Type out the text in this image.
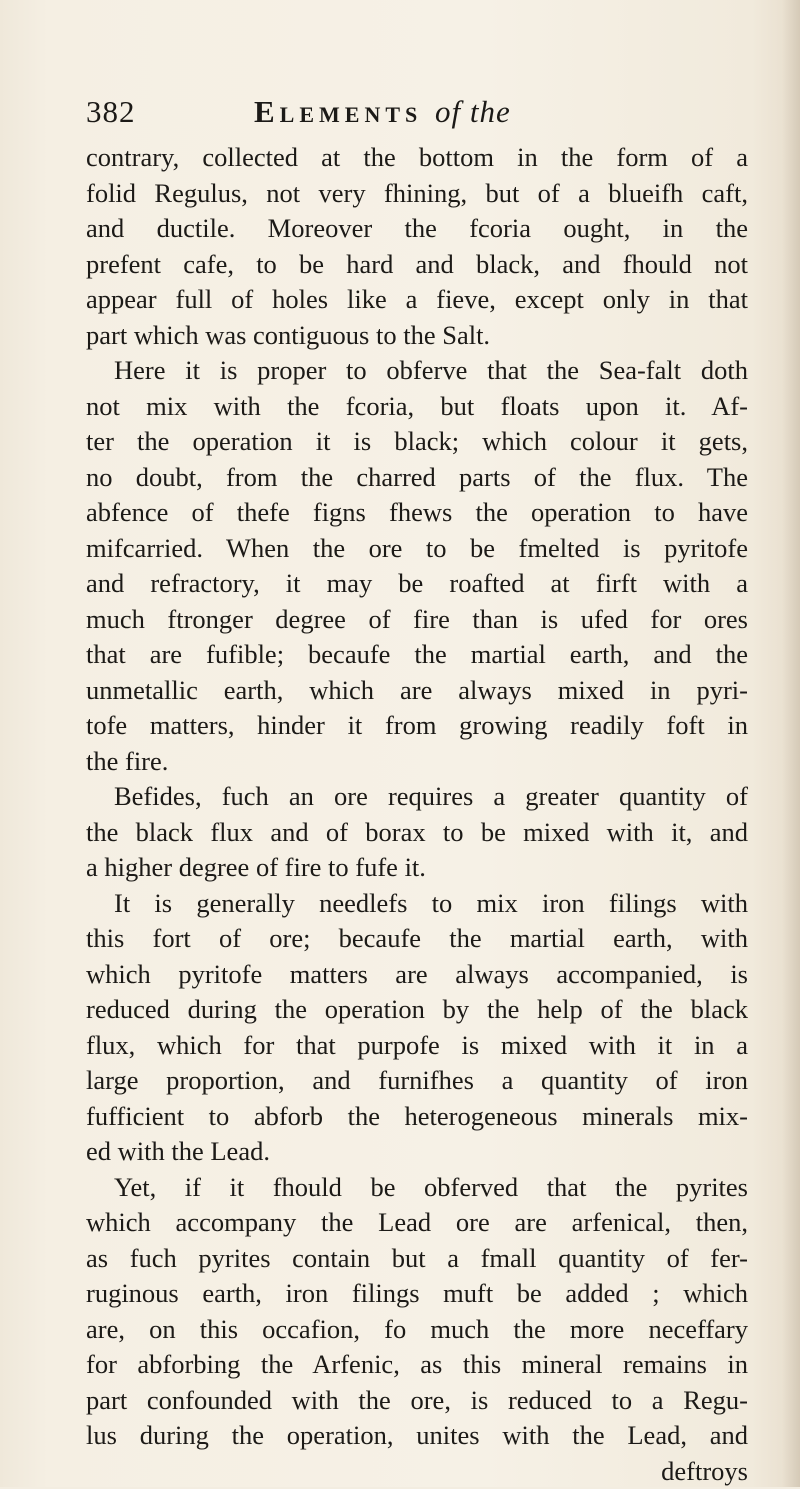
382	Elements of the
contrary, collected at the bottom in the form of a
folid Regulus, not very fhining, but of a blueifh caft,
and ductile. Moreover the fcoria ought, in the
prefent cafe, to be hard and black, and fhould not
appear full of holes like a fieve, except only in that
part which was contiguous to the Salt.
Here it is proper to obferve that the Sea-falt doth
not mix with the fcoria, but floats upon it. Af-
ter the operation it is black; which colour it gets,
no doubt, from the charred parts of the flux. The
abfence of thefe figns fhews the operation to have
mifcarried. When the ore to be fmelted is pyritofe
and refractory, it may be roafted at firft with a
much ftronger degree of fire than is ufed for ores
that are fufible; becaufe the martial earth, and the
unmetallic earth, which are always mixed in pyri-
tofe matters, hinder it from growing readily foft in
the fire.
Befides, fuch an ore requires a greater quantity of
the black flux and of borax to be mixed with it, and
a higher degree of fire to fufe it.
It is generally needlefs to mix iron filings with
this fort of ore; becaufe the martial earth, with
which pyritofe matters are always accompanied, is
reduced during the operation by the help of the black
flux, which for that purpofe is mixed with it in a
large proportion, and furnifhes a quantity of iron
fufficient to abforb the heterogeneous minerals mix-
ed with the Lead.
Yet, if it fhould be obferved that the pyrites
which accompany the Lead ore are arfenical, then,
as fuch pyrites contain but a fmall quantity of fer-
ruginous earth, iron filings muft be added ; which
are, on this occafion, fo much the more neceffary
for abforbing the Arfenic, as this mineral remains in
part confounded with the ore, is reduced to a Regu-
lus during the operation, unites with the Lead, and
deftroys
